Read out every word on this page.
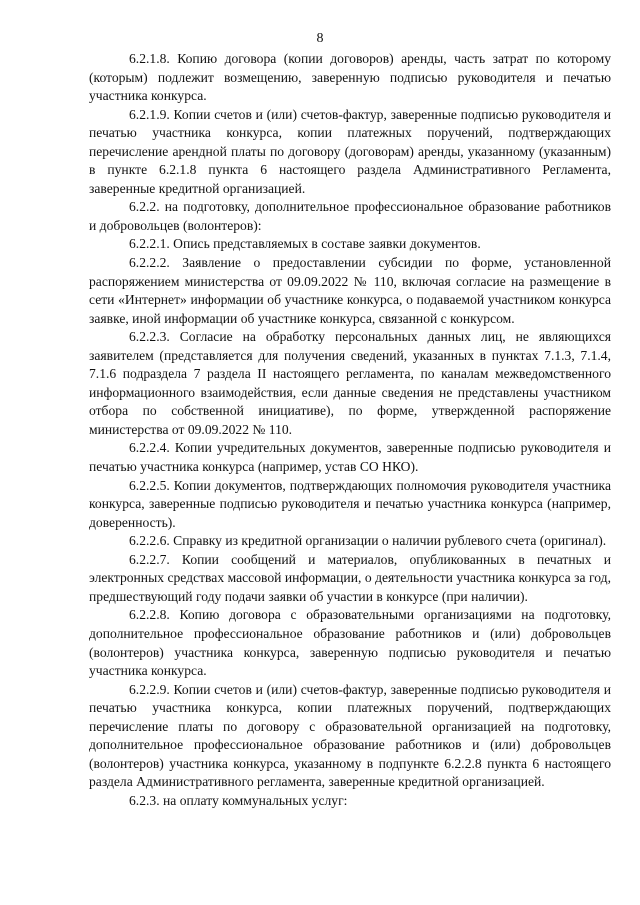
8

6.2.1.8. Копию договора (копии договоров) аренды, часть затрат по которому (которым) подлежит возмещению, заверенную подписью руководителя и печатью участника конкурса.

6.2.1.9. Копии счетов и (или) счетов-фактур, заверенные подписью руководителя и печатью участника конкурса, копии платежных поручений, подтверждающих перечисление арендной платы по договору (договорам) аренды, указанному (указанным) в пункте 6.2.1.8 пункта 6 настоящего раздела Административного Регламента, заверенные кредитной организацией.

6.2.2. на подготовку, дополнительное профессиональное образование работников и добровольцев (волонтеров):

6.2.2.1. Опись представляемых в составе заявки документов.

6.2.2.2. Заявление о предоставлении субсидии по форме, установленной распоряжением министерства от 09.09.2022 № 110, включая согласие на размещение в сети «Интернет» информации об участнике конкурса, о подаваемой участником конкурса заявке, иной информации об участнике конкурса, связанной с конкурсом.

6.2.2.3. Согласие на обработку персональных данных лиц, не являющихся заявителем (представляется для получения сведений, указанных в пунктах 7.1.3, 7.1.4, 7.1.6 подраздела 7 раздела II настоящего регламента, по каналам межведомственного информационного взаимодействия, если данные сведения не представлены участником отбора по собственной инициативе), по форме, утвержденной распоряжение министерства от 09.09.2022 № 110.

6.2.2.4. Копии учредительных документов, заверенные подписью руководителя и печатью участника конкурса (например, устав СО НКО).

6.2.2.5. Копии документов, подтверждающих полномочия руководителя участника конкурса, заверенные подписью руководителя и печатью участника конкурса (например, доверенность).

6.2.2.6. Справку из кредитной организации о наличии рублевого счета (оригинал).

6.2.2.7. Копии сообщений и материалов, опубликованных в печатных и электронных средствах массовой информации, о деятельности участника конкурса за год, предшествующий году подачи заявки об участии в конкурсе (при наличии).

6.2.2.8. Копию договора с образовательными организациями на подготовку, дополнительное профессиональное образование работников и (или) добровольцев (волонтеров) участника конкурса, заверенную подписью руководителя и печатью участника конкурса.

6.2.2.9. Копии счетов и (или) счетов-фактур, заверенные подписью руководителя и печатью участника конкурса, копии платежных поручений, подтверждающих перечисление платы по договору с образовательной организацией на подготовку, дополнительное профессиональное образование работников и (или) добровольцев (волонтеров) участника конкурса, указанному в подпункте 6.2.2.8 пункта 6 настоящего раздела Административного регламента, заверенные кредитной организацией.

6.2.3. на оплату коммунальных услуг:
